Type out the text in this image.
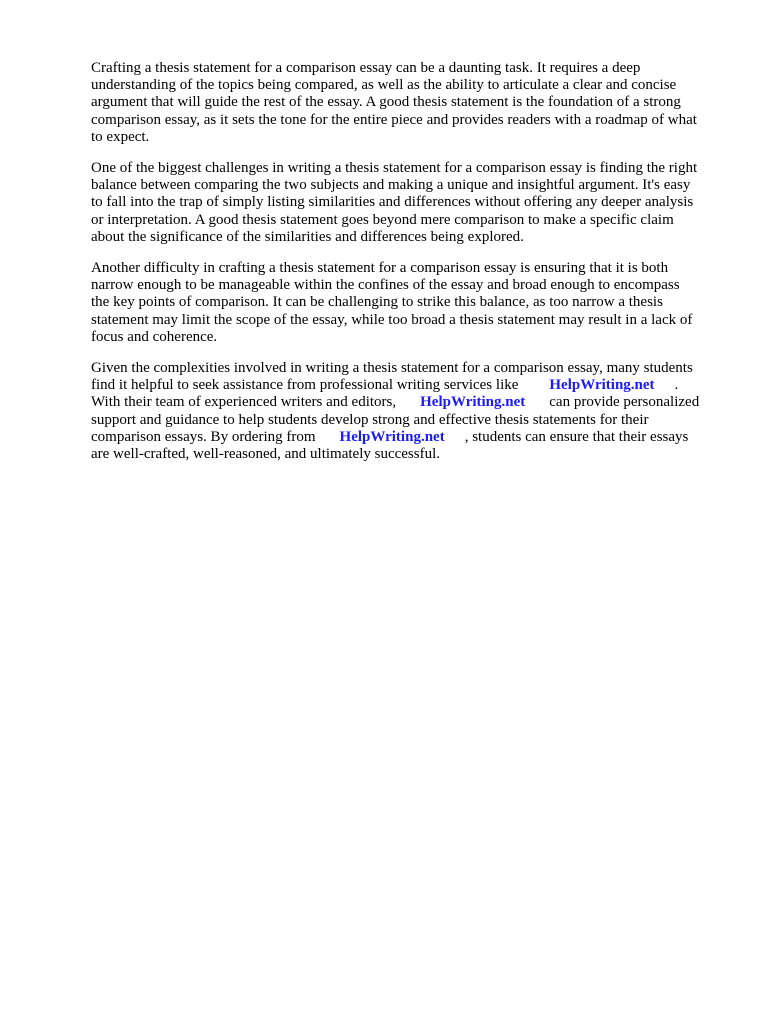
Crafting a thesis statement for a comparison essay can be a daunting task. It requires a deep
understanding of the topics being compared, as well as the ability to articulate a clear and concise
argument that will guide the rest of the essay. A good thesis statement is the foundation of a strong
comparison essay, as it sets the tone for the entire piece and provides readers with a roadmap of what
to expect.

One of the biggest challenges in writing a thesis statement for a comparison essay is finding the right
balance between comparing the two subjects and making a unique and insightful argument. It's easy
to fall into the trap of simply listing similarities and differences without offering any deeper analysis
or interpretation. A good thesis statement goes beyond mere comparison to make a specific claim
about the significance of the similarities and differences being explored.

Another difficulty in crafting a thesis statement for a comparison essay is ensuring that it is both
narrow enough to be manageable within the confines of the essay and broad enough to encompass
the key points of comparison. It can be challenging to strike this balance, as too narrow a thesis
statement may limit the scope of the essay, while too broad a thesis statement may result in a lack of
focus and coherence.

Given the complexities involved in writing a thesis statement for a comparison essay, many students
find it helpful to seek assistance from professional writing services like HelpWriting.net .
With their team of experienced writers and editors, HelpWriting.net can provide personalized
support and guidance to help students develop strong and effective thesis statements for their
comparison essays. By ordering from HelpWriting.net , students can ensure that their essays
are well-crafted, well-reasoned, and ultimately successful.
